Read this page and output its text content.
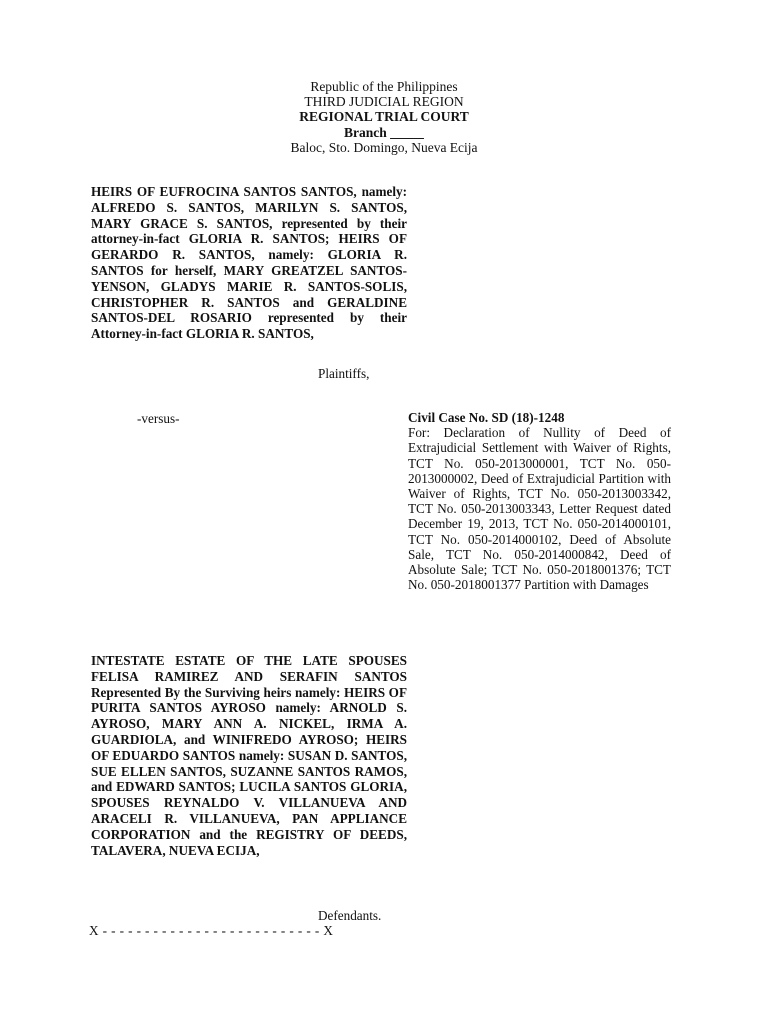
Republic of the Philippines
THIRD JUDICIAL REGION
REGIONAL TRIAL COURT
Branch _____
Baloc, Sto. Domingo, Nueva Ecija
HEIRS OF EUFROCINA SANTOS SANTOS, namely: ALFREDO S. SANTOS, MARILYN S. SANTOS, MARY GRACE S. SANTOS, represented by their attorney-in-fact GLORIA R. SANTOS; HEIRS OF GERARDO R. SANTOS, namely: GLORIA R. SANTOS for herself, MARY GREATZEL SANTOS-YENSON, GLADYS MARIE R. SANTOS-SOLIS, CHRISTOPHER R. SANTOS and GERALDINE SANTOS-DEL ROSARIO represented by their Attorney-in-fact GLORIA R. SANTOS,
Plaintiffs,
-versus-	Civil Case No. SD (18)-1248
For: Declaration of Nullity of Deed of Extrajudicial Settlement with Waiver of Rights, TCT No. 050-2013000001, TCT No. 050-2013000002, Deed of Extrajudicial Partition with Waiver of Rights, TCT No. 050-2013003342, TCT No. 050-2013003343, Letter Request dated December 19, 2013, TCT No. 050-2014000101, TCT No. 050-2014000102, Deed of Absolute Sale, TCT No. 050-2014000842, Deed of Absolute Sale; TCT No. 050-2018001376; TCT No. 050-2018001377 Partition with Damages
INTESTATE ESTATE OF THE LATE SPOUSES FELISA RAMIREZ AND SERAFIN SANTOS Represented By the Surviving heirs namely: HEIRS OF PURITA SANTOS AYROSO namely: ARNOLD S. AYROSO, MARY ANN A. NICKEL, IRMA A. GUARDIOLA, and WINIFREDO AYROSO; HEIRS OF EDUARDO SANTOS namely: SUSAN D. SANTOS, SUE ELLEN SANTOS, SUZANNE SANTOS RAMOS, and EDWARD SANTOS; LUCILA SANTOS GLORIA, SPOUSES REYNALDO V. VILLANUEVA AND ARACELI R. VILLANUEVA, PAN APPLIANCE CORPORATION and the REGISTRY OF DEEDS, TALAVERA, NUEVA ECIJA,
Defendants.
X - - - - - - - - - - - - - - - - - - - - - - - - - - X
